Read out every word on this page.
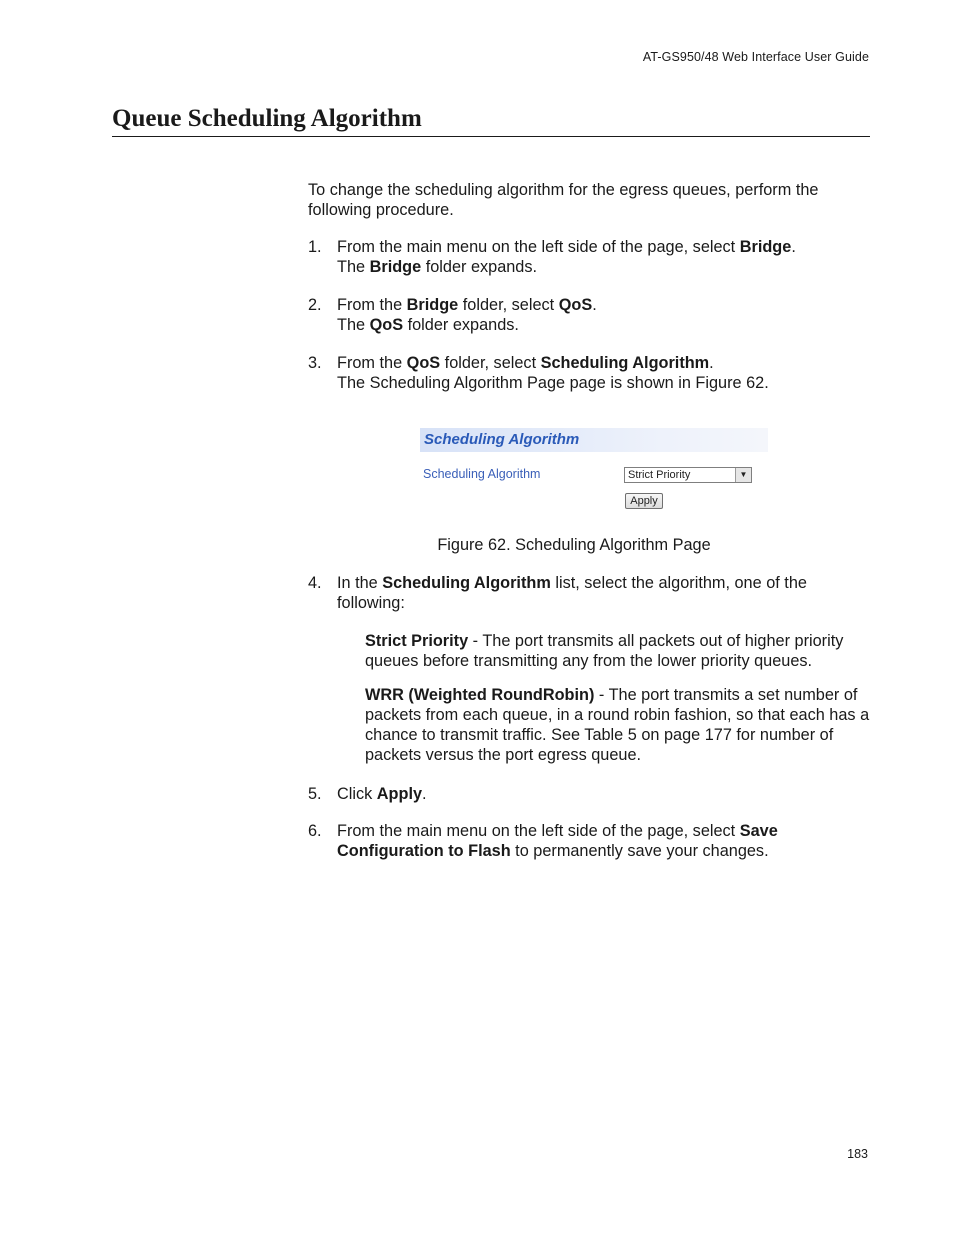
AT-GS950/48 Web Interface User Guide
Queue Scheduling Algorithm

To change the scheduling algorithm for the egress queues, perform the following procedure.

1. From the main menu on the left side of the page, select Bridge.
The Bridge folder expands.
2. From the Bridge folder, select QoS.
The QoS folder expands.
3. From the QoS folder, select Scheduling Algorithm.
The Scheduling Algorithm Page page is shown in Figure 62.
Scheduling Algorithm
Scheduling Algorithm	Strict Priority	▼
Apply
Figure 62. Scheduling Algorithm Page
4. In the Scheduling Algorithm list, select the algorithm, one of the following:
Strict Priority - The port transmits all packets out of higher priority queues before transmitting any from the lower priority queues.
WRR (Weighted RoundRobin) - The port transmits a set number of packets from each queue, in a round robin fashion, so that each has a chance to transmit traffic. See Table 5 on page 177 for number of packets versus the port egress queue.
5. Click Apply.
6. From the main menu on the left side of the page, select Save Configuration to Flash to permanently save your changes.
183
